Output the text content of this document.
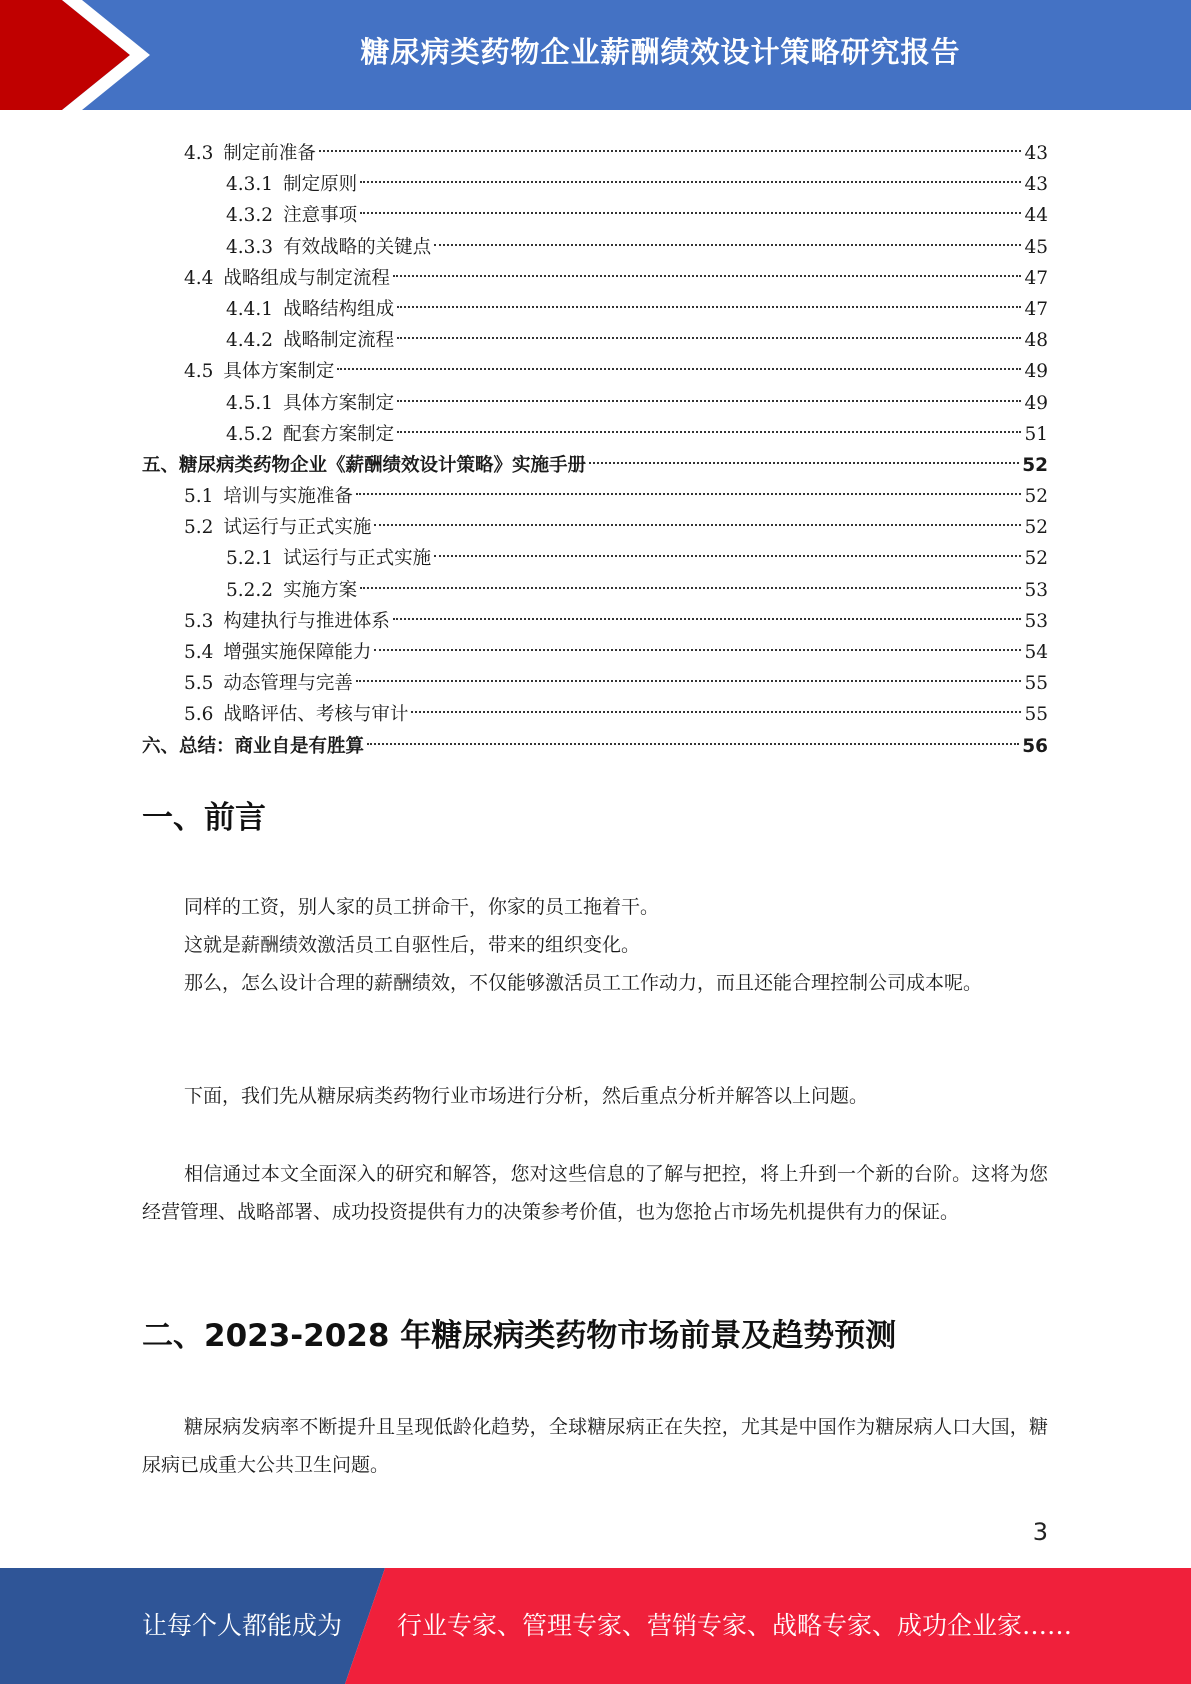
糖尿病类药物企业薪酬绩效设计策略研究报告
4.3 制定前准备	43
4.3.1 制定原则	43
4.3.2 注意事项	44
4.3.3 有效战略的关键点	45
4.4 战略组成与制定流程	47
4.4.1 战略结构组成	47
4.4.2 战略制定流程	48
4.5 具体方案制定	49
4.5.1 具体方案制定	49
4.5.2 配套方案制定	51
五、糖尿病类药物企业《薪酬绩效设计策略》实施手册	52
5.1 培训与实施准备	52
5.2 试运行与正式实施	52
5.2.1 试运行与正式实施	52
5.2.2 实施方案	53
5.3 构建执行与推进体系	53
5.4 增强实施保障能力	54
5.5 动态管理与完善	55
5.6 战略评估、考核与审计	55
六、总结：商业自是有胜算	56
一、前言
同样的工资，别人家的员工拼命干，你家的员工拖着干。
这就是薪酬绩效激活员工自驱性后，带来的组织变化。
那么，怎么设计合理的薪酬绩效，不仅能够激活员工工作动力，而且还能合理控制公司成本呢。
下面，我们先从糖尿病类药物行业市场进行分析，然后重点分析并解答以上问题。
相信通过本文全面深入的研究和解答，您对这些信息的了解与把控，将上升到一个新的台阶。这将为您经营管理、战略部署、成功投资提供有力的决策参考价值，也为您抢占市场先机提供有力的保证。
二、2023-2028 年糖尿病类药物市场前景及趋势预测
糖尿病发病率不断提升且呈现低龄化趋势，全球糖尿病正在失控，尤其是中国作为糖尿病人口大国，糖尿病已成重大公共卫生问题。
3
让每个人都能成为 行业专家、管理专家、营销专家、战略专家、成功企业家……
